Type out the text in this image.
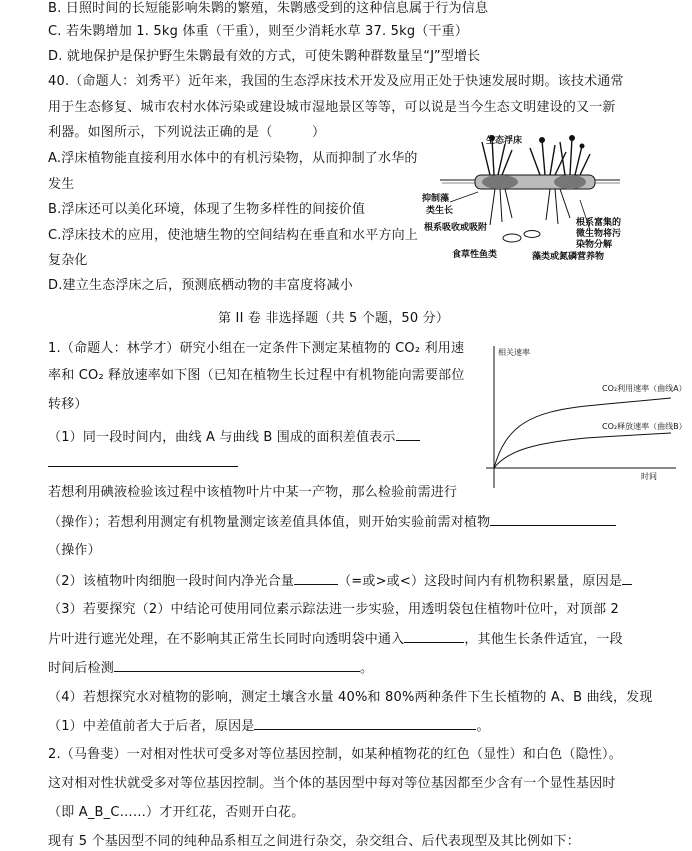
B. 日照时间的长短能影响朱鹮的繁殖，朱鹮感受到的这种信息属于行为信息
C. 若朱鹮增加 1. 5kg 体重（干重），则至少消耗水草 37. 5kg（干重）
D. 就地保护是保护野生朱鹮最有效的方式，可使朱鹮种群数量呈“J”型增长
40.（命题人：刘秀平）近年来，我国的生态浮床技术开发及应用正处于快速发展时期。该技术通常
用于生态修复、城市农村水体污染或建设城市湿地景区等等，可以说是当今生态文明建设的又一新
利器。如图所示，下列说法正确的是（　　　）
A.浮床植物能直接利用水体中的有机污染物，从而抑制了水华的
发生
B.浮床还可以美化环境，体现了生物多样性的间接价值
C.浮床技术的应用，使池塘生物的空间结构在垂直和水平方向上
复杂化
D.建立生态浮床之后，预测底栖动物的丰富度将减小
第 II 卷 非选择题（共 5 个题，50 分）
1.（命题人：林学才）研究小组在一定条件下测定某植物的 CO₂ 利用速
率和 CO₂ 释放速率如下图（已知在植物生长过程中有机物能向需要部位
转移）
（1）同一段时间内，曲线 A 与曲线 B 围成的面积差值表示
若想利用碘液检验该过程中该植物叶片中某一产物，那么检验前需进行
（操作）；若想利用测定有机物量测定该差值具体值，则开始实验前需对植物
（操作）
（2）该植物叶肉细胞一段时间内净光合量	（=或>或<）这段时间内有机物积累量，原因是
（3）若要探究（2）中结论可使用同位素示踪法进一步实验，用透明袋包住植物叶位叶，对顶部 2
片叶进行遮光处理，在不影响其正常生长同时向透明袋中通入	，其他生长条件适宜，一段
时间后检测	。
（4）若想探究水对植物的影响，测定土壤含水量 40%和 80%两种条件下生长植物的 A、B 曲线，发现
（1）中差值前者大于后者，原因是	。
2.（马鲁斐）一对相对性状可受多对等位基因控制，如某种植物花的红色（显性）和白色（隐性）。
这对相对性状就受多对等位基因控制。当个体的基因型中每对等位基因都至少含有一个显性基因时
（即 A_B_C……）才开红花，否则开白花。
现有 5 个基因型不同的纯种品系相互之间进行杂交，杂交组合、后代表现型及其比例如下：
生态浮床
抑制藻
类生长
根系吸收或吸附
食草性鱼类
根系富集的
微生物将污
染物分解
藻类或氮磷营养物
相关速率
时间
CO₂利用速率（曲线A）
CO₂释放速率（曲线B）
